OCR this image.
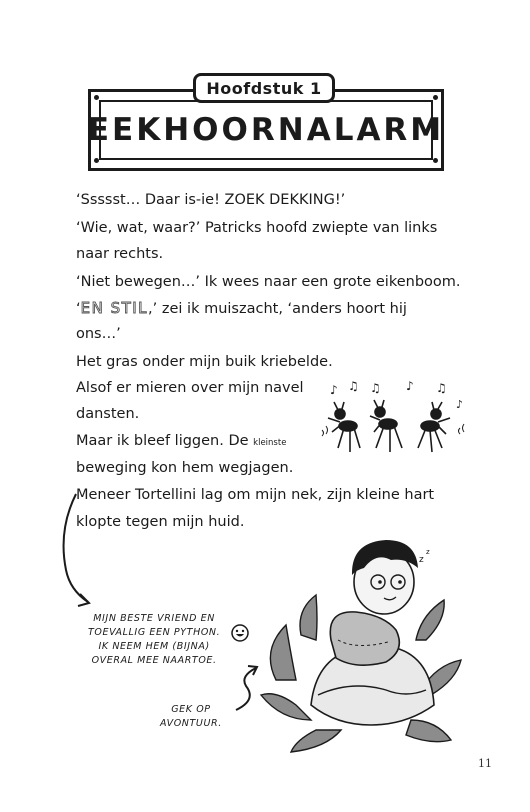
EEKHOORNALARM
Hoofdstuk 1
‘Ssssst… Daar is-ie! ZOEK DEKKING!’
‘Wie, wat, waar?’ Patricks hoofd zwiepte van links
naar rechts.
‘Niet bewegen…’ Ik wees naar een grote eikenboom.
‘EN STIL,’ zei ik muiszacht, ‘anders hoort hij
ons…’
Het gras onder mijn buik kriebelde.
Alsof er mieren over mijn navel
dansten.
Maar ik bleef liggen. De kleinste
beweging kon hem wegjagen.
Meneer Tortellini lag om mijn nek, zijn kleine hart
klopte tegen mijn huid.
♪ ♫ ♫ ♪ ♫
♪
z
z
MIJN BESTE VRIEND EN
TOEVALLIG EEN PYTHON.
IK NEEM HEM (BIJNA)
OVERAL MEE NAARTOE.
GEK OP
AVONTUUR.
11
